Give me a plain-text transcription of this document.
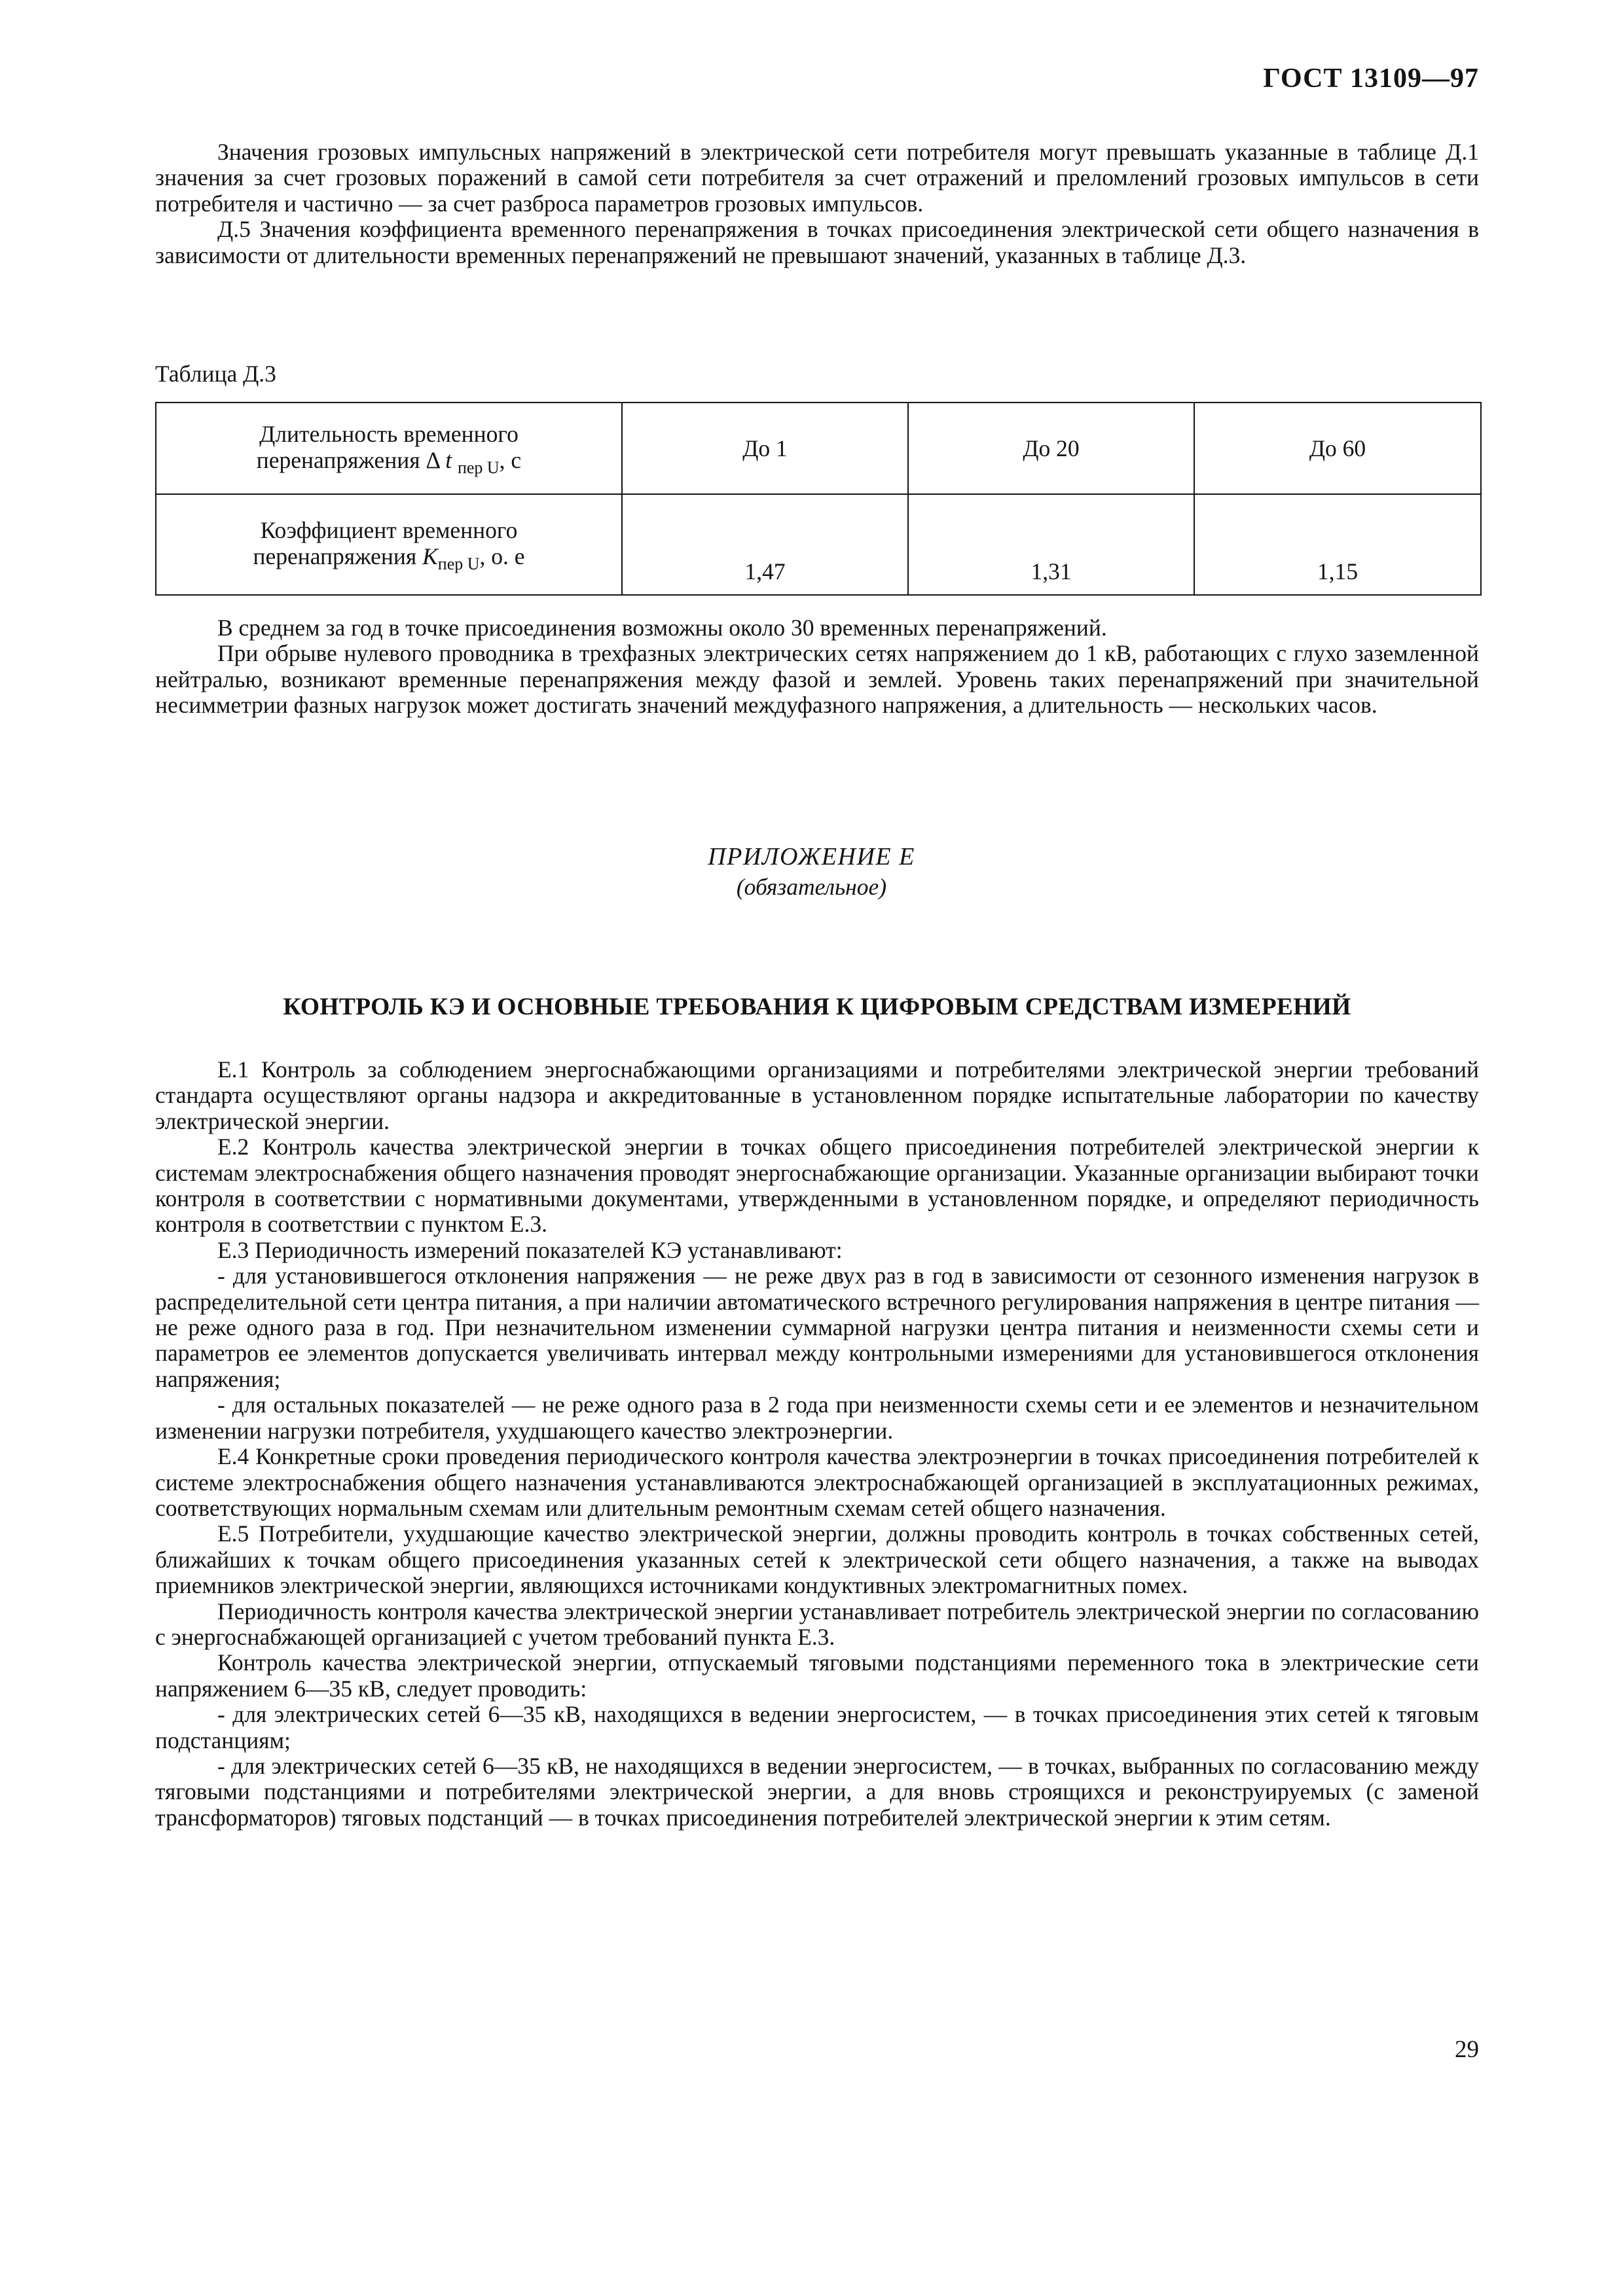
ГОСТ 13109—97

Значения грозовых импульсных напряжений в электрической сети потребителя могут превышать указанные в таблице Д.1 значения за счет грозовых поражений в самой сети потребителя за счет отражений и преломлений грозовых импульсов в сети потребителя и частично — за счет разброса параметров грозовых импульсов.

Д.5 Значения коэффициента временного перенапряжения в точках присоединения электрической сети общего назначения в зависимости от длительности временных перенапряжений не превышают значений, указанных в таблице Д.3.

Таблица Д.3
Длительность временного
перенапряжения Δ t $_{пер U}$, с	До 1	До 20	До 60
Коэффициент временного
перенапряжения $K_{пер U}$, о. е	1,47	1,31	1,15

В среднем за год в точке присоединения возможны около 30 временных перенапряжений.

При обрыве нулевого проводника в трехфазных электрических сетях напряжением до 1 кВ, работающих с глухо заземленной нейтралью, возникают временные перенапряжения между фазой и землей. Уровень таких перенапряжений при значительной несимметрии фазных нагрузок может достигать значений междуфазного напряжения, а длительность — нескольких часов.

ПРИЛОЖЕНИЕ Е
(обязательное)
КОНТРОЛЬ КЭ И ОСНОВНЫЕ ТРЕБОВАНИЯ К ЦИФРОВЫМ СРЕДСТВАМ ИЗМЕРЕНИЙ

Е.1 Контроль за соблюдением энергоснабжающими организациями и потребителями электрической энергии требований стандарта осуществляют органы надзора и аккредитованные в установленном порядке испытательные лаборатории по качеству электрической энергии.

Е.2 Контроль качества электрической энергии в точках общего присоединения потребителей электрической энергии к системам электроснабжения общего назначения проводят энергоснабжающие организации. Указанные организации выбирают точки контроля в соответствии с нормативными документами, утвержденными в установленном порядке, и определяют периодичность контроля в соответствии с пунктом Е.3.

Е.3 Периодичность измерений показателей КЭ устанавливают:

- для установившегося отклонения напряжения — не реже двух раз в год в зависимости от сезонного изменения нагрузок в распределительной сети центра питания, а при наличии автоматического встречного регулирования напряжения в центре питания — не реже одного раза в год. При незначительном изменении суммарной нагрузки центра питания и неизменности схемы сети и параметров ее элементов допускается увеличивать интервал между контрольными измерениями для установившегося отклонения напряжения;

- для остальных показателей — не реже одного раза в 2 года при неизменности схемы сети и ее элементов и незначительном изменении нагрузки потребителя, ухудшающего качество электроэнергии.

Е.4 Конкретные сроки проведения периодического контроля качества электроэнергии в точках присоединения потребителей к системе электроснабжения общего назначения устанавливаются электроснабжающей организацией в эксплуатационных режимах, соответствующих нормальным схемам или длительным ремонтным схемам сетей общего назначения.

Е.5 Потребители, ухудшающие качество электрической энергии, должны проводить контроль в точках собственных сетей, ближайших к точкам общего присоединения указанных сетей к электрической сети общего назначения, а также на выводах приемников электрической энергии, являющихся источниками кондуктивных электромагнитных помех.

Периодичность контроля качества электрической энергии устанавливает потребитель электрической энергии по согласованию с энергоснабжающей организацией с учетом требований пункта Е.3.

Контроль качества электрической энергии, отпускаемый тяговыми подстанциями переменного тока в электрические сети напряжением 6—35 кВ, следует проводить:

- для электрических сетей 6—35 кВ, находящихся в ведении энергосистем, — в точках присоединения этих сетей к тяговым подстанциям;

- для электрических сетей 6—35 кВ, не находящихся в ведении энергосистем, — в точках, выбранных по согласованию между тяговыми подстанциями и потребителями электрической энергии, а для вновь строящихся и реконструируемых (с заменой трансформаторов) тяговых подстанций — в точках присоединения потребителей электрической энергии к этим сетям.

29
